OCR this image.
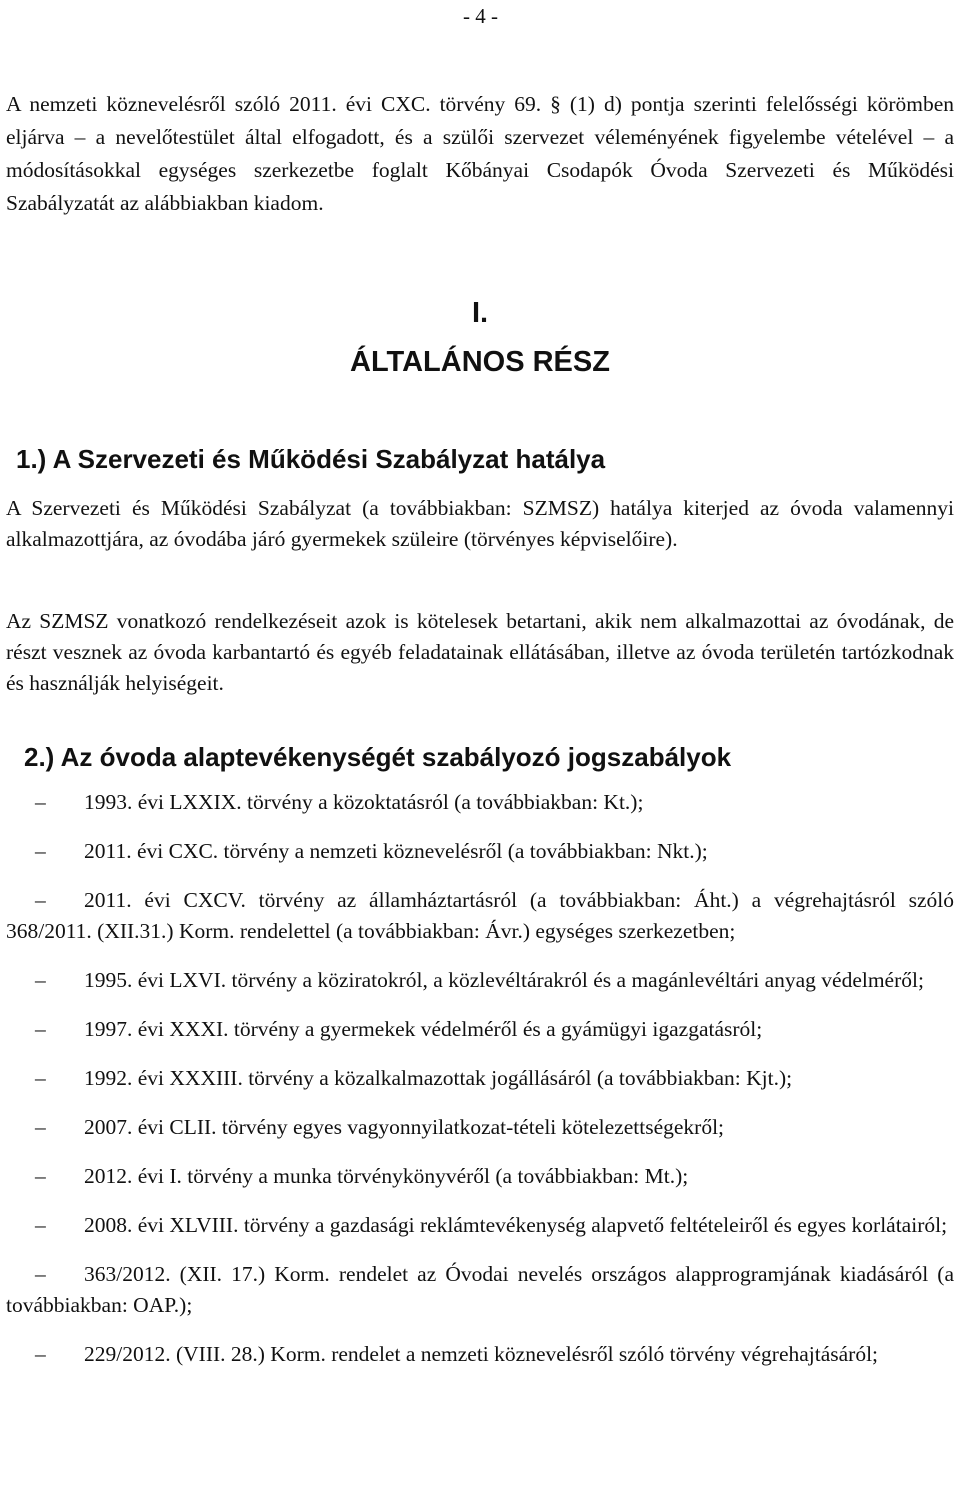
- 4 -

A nemzeti köznevelésről szóló 2011. évi CXC. törvény 69. § (1) d) pontja szerinti felelősségi körömben eljárva – a nevelőtestület által elfogadott, és a szülői szervezet véleményének figyelembe vételével – a módosításokkal egységes szerkezetbe foglalt Kőbányai Csodapók Óvoda Szervezeti és Működési Szabályzatát az alábbiakban kiadom.

I.
ÁLTALÁNOS RÉSZ
1.) A Szervezeti és Működési Szabályzat hatálya

A Szervezeti és Működési Szabályzat (a továbbiakban: SZMSZ) hatálya kiterjed az óvoda valamennyi alkalmazottjára, az óvodába járó gyermekek szüleire (törvényes képviselőire).

Az SZMSZ vonatkozó rendelkezéseit azok is kötelesek betartani, akik nem alkalmazottai az óvodának, de részt vesznek az óvoda karbantartó és egyéb feladatainak ellátásában, illetve az óvoda területén tartózkodnak és használják helyiségeit.

2.) Az óvoda alaptevékenységét szabályozó jogszabályok
– 1993. évi LXXIX. törvény a közoktatásról (a továbbiakban: Kt.);
– 2011. évi CXC. törvény a nemzeti köznevelésről (a továbbiakban: Nkt.);
– 2011. évi CXCV. törvény az államháztartásról (a továbbiakban: Áht.) a végrehajtásról szóló 368/2011. (XII.31.) Korm. rendelettel (a továbbiakban: Ávr.) egységes szerkezetben;
– 1995. évi LXVI. törvény a köziratokról, a közlevéltárakról és a magánlevéltári anyag védelméről;
– 1997. évi XXXI. törvény a gyermekek védelméről és a gyámügyi igazgatásról;
– 1992. évi XXXIII. törvény a közalkalmazottak jogállásáról (a továbbiakban: Kjt.);
– 2007. évi CLII. törvény egyes vagyonnyilatkozat-tételi kötelezettségekről;
– 2012. évi I. törvény a munka törvénykönyvéről (a továbbiakban: Mt.);
– 2008. évi XLVIII. törvény a gazdasági reklámtevékenység alapvető feltételeiről és egyes korlátairól;
– 363/2012. (XII. 17.) Korm. rendelet az Óvodai nevelés országos alapprogramjának kiadásáról (a továbbiakban: OAP.);
– 229/2012. (VIII. 28.) Korm. rendelet a nemzeti köznevelésről szóló törvény végrehajtásáról;
